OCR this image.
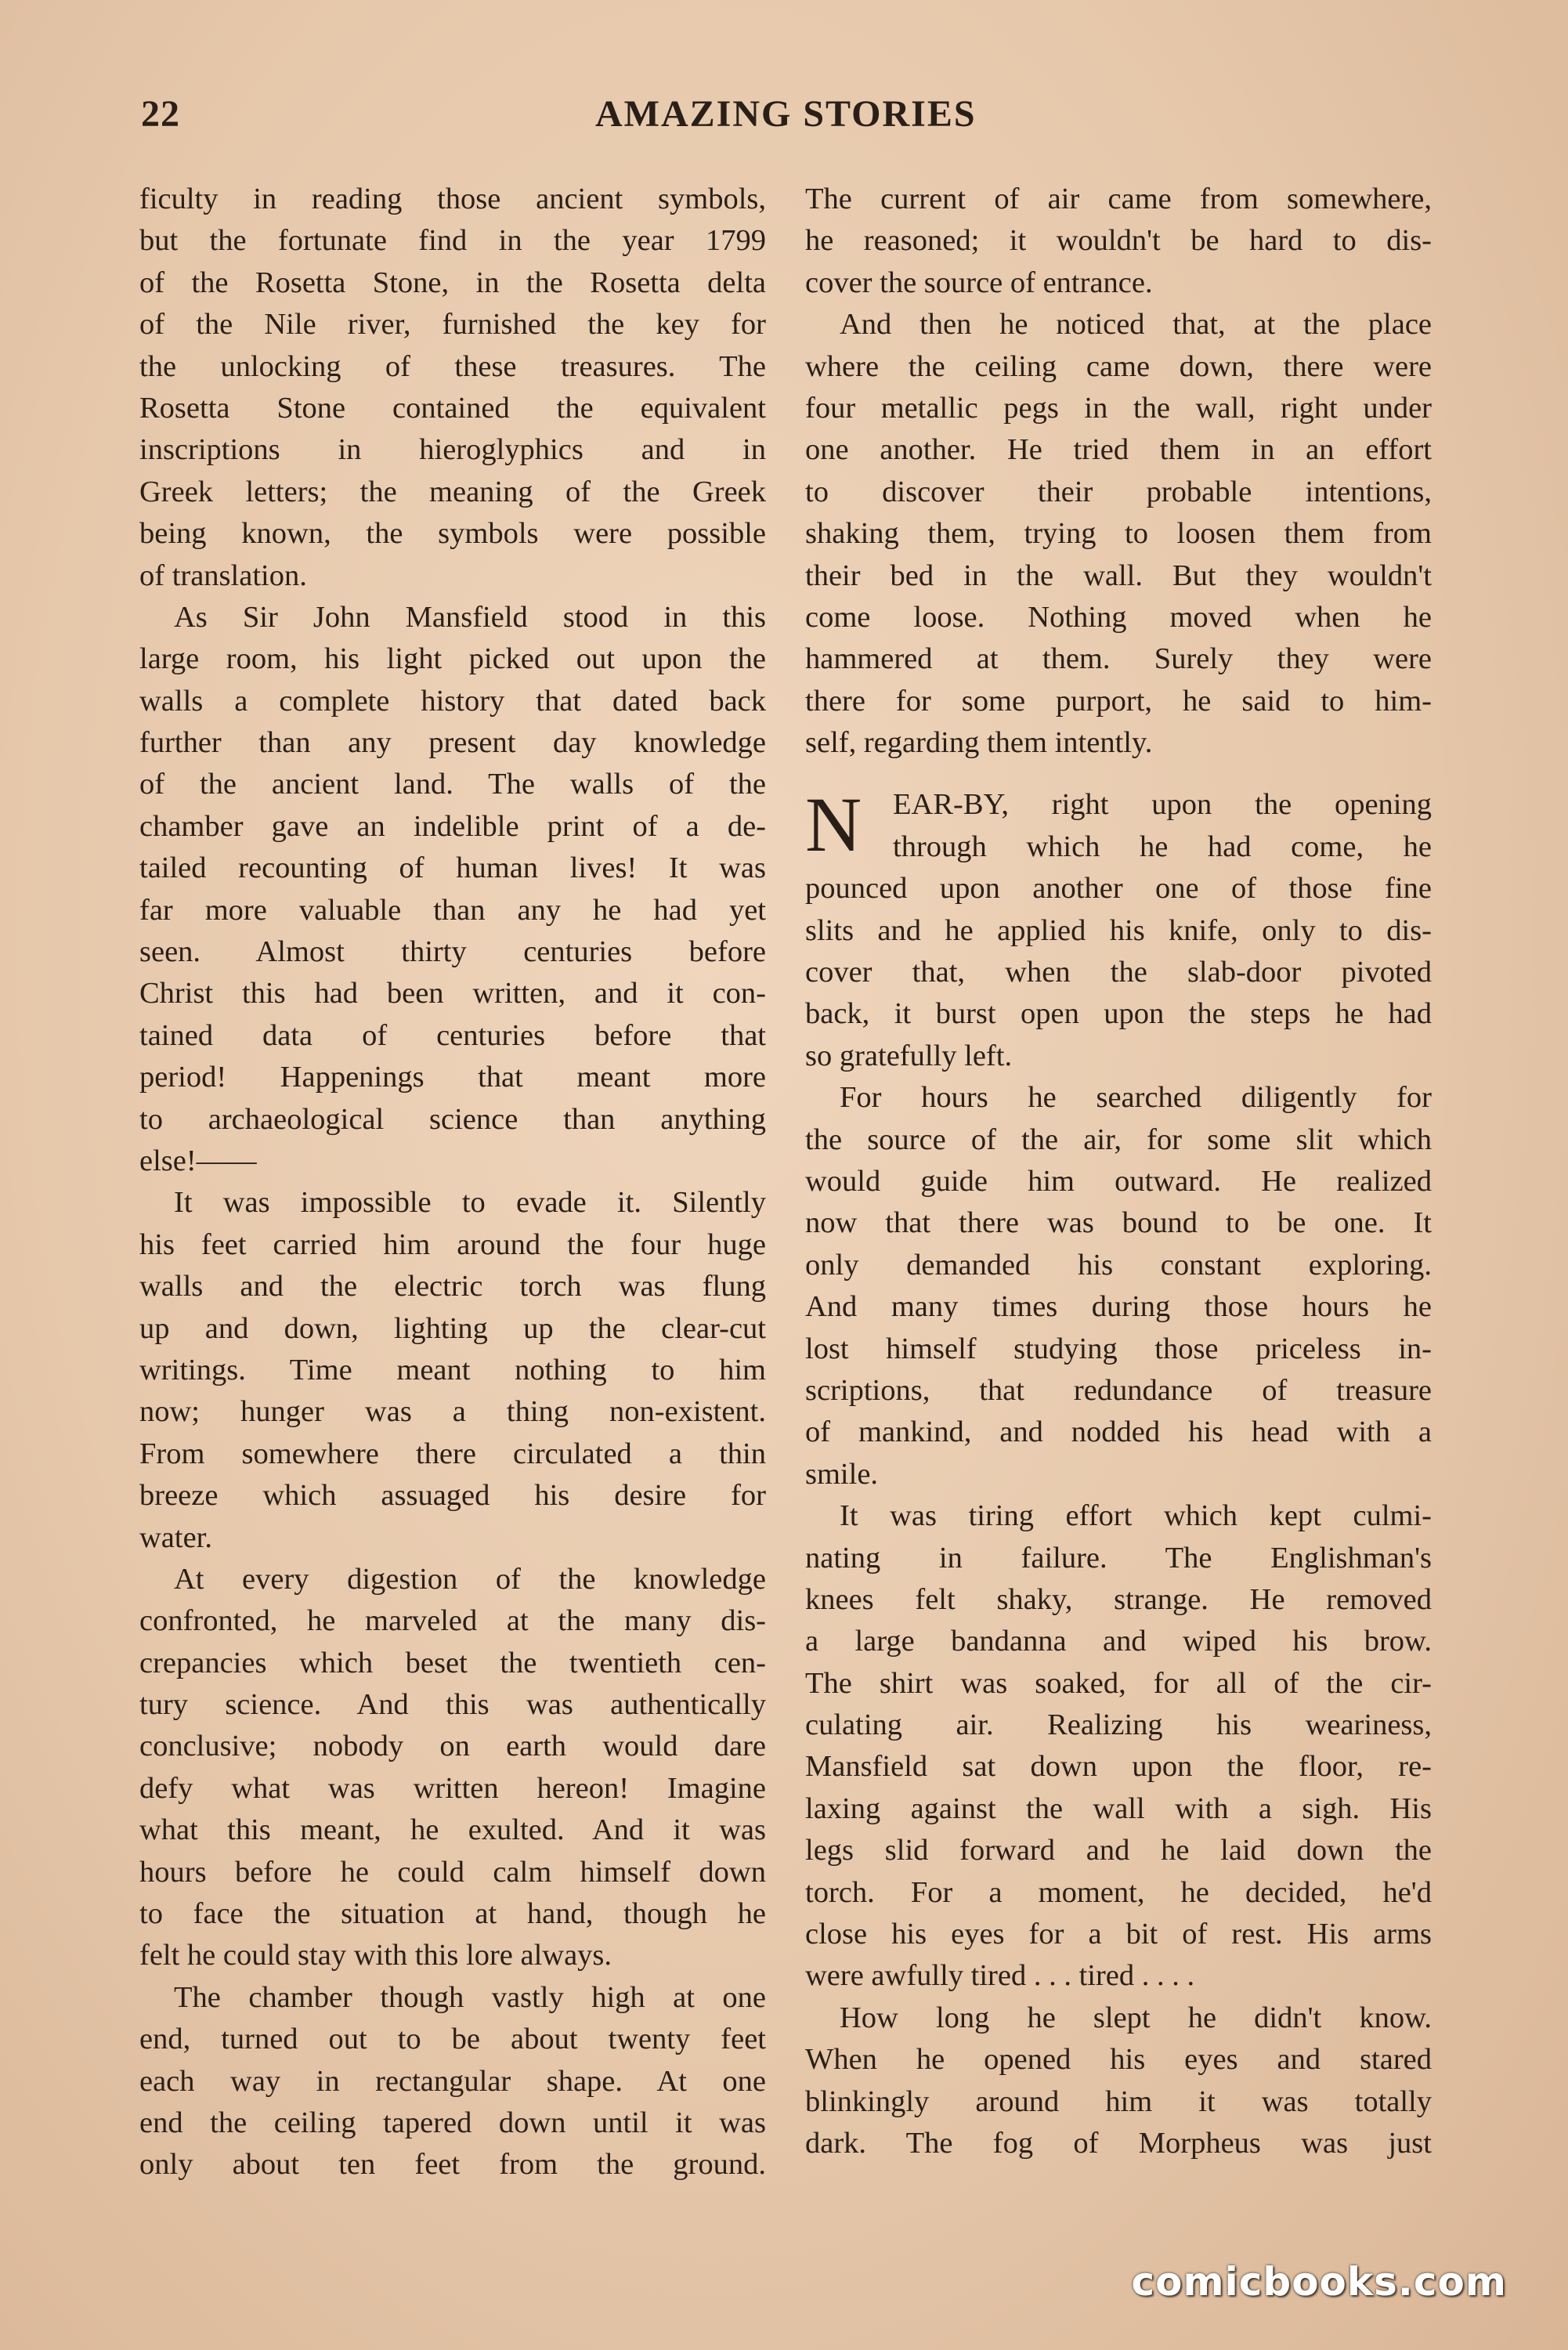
22	AMAZING STORIES
ficulty in reading those ancient symbols,
but the fortunate find in the year 1799
of the Rosetta Stone, in the Rosetta delta
of the Nile river, furnished the key for
the unlocking of these treasures. The
Rosetta Stone contained the equivalent
inscriptions in hieroglyphics and in
Greek letters; the meaning of the Greek
being known, the symbols were possible
of translation.
As Sir John Mansfield stood in this
large room, his light picked out upon the
walls a complete history that dated back
further than any present day knowledge
of the ancient land. The walls of the
chamber gave an indelible print of a de-
tailed recounting of human lives! It was
far more valuable than any he had yet
seen. Almost thirty centuries before
Christ this had been written, and it con-
tained data of centuries before that
period! Happenings that meant more
to archaeological science than anything
else!——
It was impossible to evade it. Silently
his feet carried him around the four huge
walls and the electric torch was flung
up and down, lighting up the clear-cut
writings. Time meant nothing to him
now; hunger was a thing non-existent.
From somewhere there circulated a thin
breeze which assuaged his desire for
water.
At every digestion of the knowledge
confronted, he marveled at the many dis-
crepancies which beset the twentieth cen-
tury science. And this was authentically
conclusive; nobody on earth would dare
defy what was written hereon! Imagine
what this meant, he exulted. And it was
hours before he could calm himself down
to face the situation at hand, though he
felt he could stay with this lore always.
The chamber though vastly high at one
end, turned out to be about twenty feet
each way in rectangular shape. At one
end the ceiling tapered down until it was
only about ten feet from the ground.
The current of air came from somewhere,
he reasoned; it wouldn't be hard to dis-
cover the source of entrance.
And then he noticed that, at the place
where the ceiling came down, there were
four metallic pegs in the wall, right under
one another. He tried them in an effort
to discover their probable intentions,
shaking them, trying to loosen them from
their bed in the wall. But they wouldn't
come loose. Nothing moved when he
hammered at them. Surely they were
there for some purport, he said to him-
self, regarding them intently.
N	EAR-BY, right upon the opening
through which he had come, he
pounced upon another one of those fine
slits and he applied his knife, only to dis-
cover that, when the slab-door pivoted
back, it burst open upon the steps he had
so gratefully left.
For hours he searched diligently for
the source of the air, for some slit which
would guide him outward. He realized
now that there was bound to be one. It
only demanded his constant exploring.
And many times during those hours he
lost himself studying those priceless in-
scriptions, that redundance of treasure
of mankind, and nodded his head with a
smile.
It was tiring effort which kept culmi-
nating in failure. The Englishman's
knees felt shaky, strange. He removed
a large bandanna and wiped his brow.
The shirt was soaked, for all of the cir-
culating air. Realizing his weariness,
Mansfield sat down upon the floor, re-
laxing against the wall with a sigh. His
legs slid forward and he laid down the
torch. For a moment, he decided, he'd
close his eyes for a bit of rest. His arms
were awfully tired . . . tired . . . .
How long he slept he didn't know.
When he opened his eyes and stared
blinkingly around him it was totally
dark. The fog of Morpheus was just
comicbooks.com
